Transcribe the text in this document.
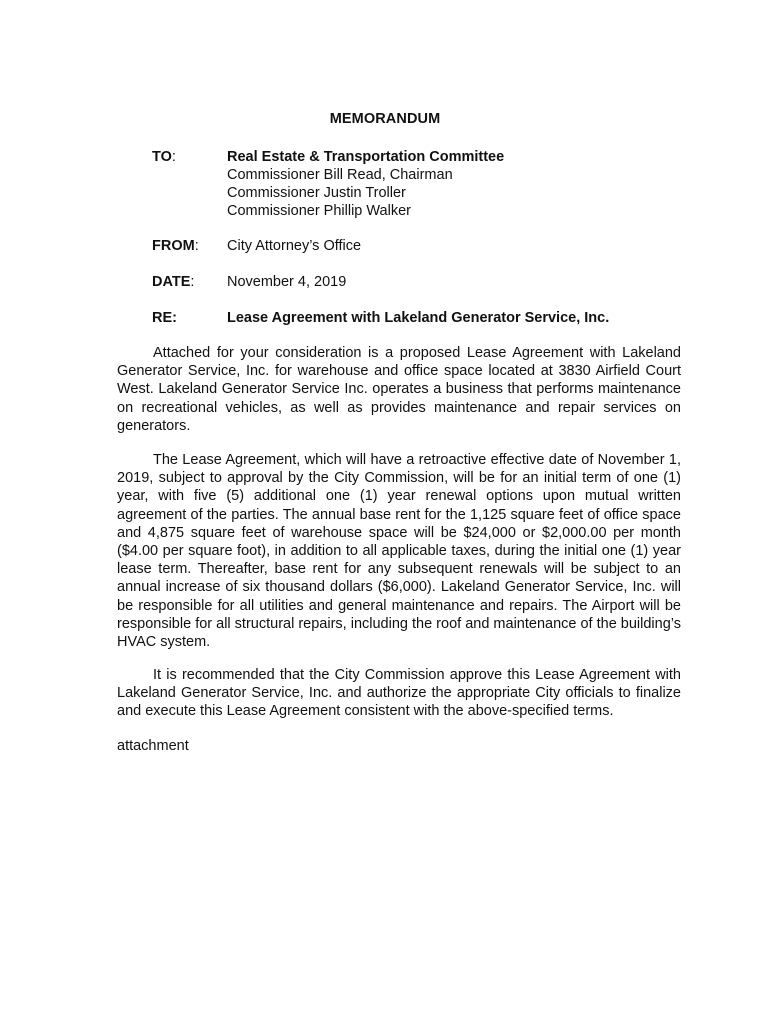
MEMORANDUM
TO:	Real Estate & Transportation Committee
Commissioner Bill Read, Chairman
Commissioner Justin Troller
Commissioner Phillip Walker
FROM: City Attorney’s Office
DATE: November 4, 2019
RE:	Lease Agreement with Lakeland Generator Service, Inc.

Attached for your consideration is a proposed Lease Agreement with Lakeland Generator Service, Inc. for warehouse and office space located at 3830 Airfield Court West. Lakeland Generator Service Inc. operates a business that performs maintenance on recreational vehicles, as well as provides maintenance and repair services on generators.

The Lease Agreement, which will have a retroactive effective date of November 1, 2019, subject to approval by the City Commission, will be for an initial term of one (1) year, with five (5) additional one (1) year renewal options upon mutual written agreement of the parties. The annual base rent for the 1,125 square feet of office space and 4,875 square feet of warehouse space will be $24,000 or $2,000.00 per month ($4.00 per square foot), in addition to all applicable taxes, during the initial one (1) year lease term. Thereafter, base rent for any subsequent renewals will be subject to an annual increase of six thousand dollars ($6,000). Lakeland Generator Service, Inc. will be responsible for all utilities and general maintenance and repairs. The Airport will be responsible for all structural repairs, including the roof and maintenance of the building’s HVAC system.

It is recommended that the City Commission approve this Lease Agreement with Lakeland Generator Service, Inc. and authorize the appropriate City officials to finalize and execute this Lease Agreement consistent with the above-specified terms.

attachment
